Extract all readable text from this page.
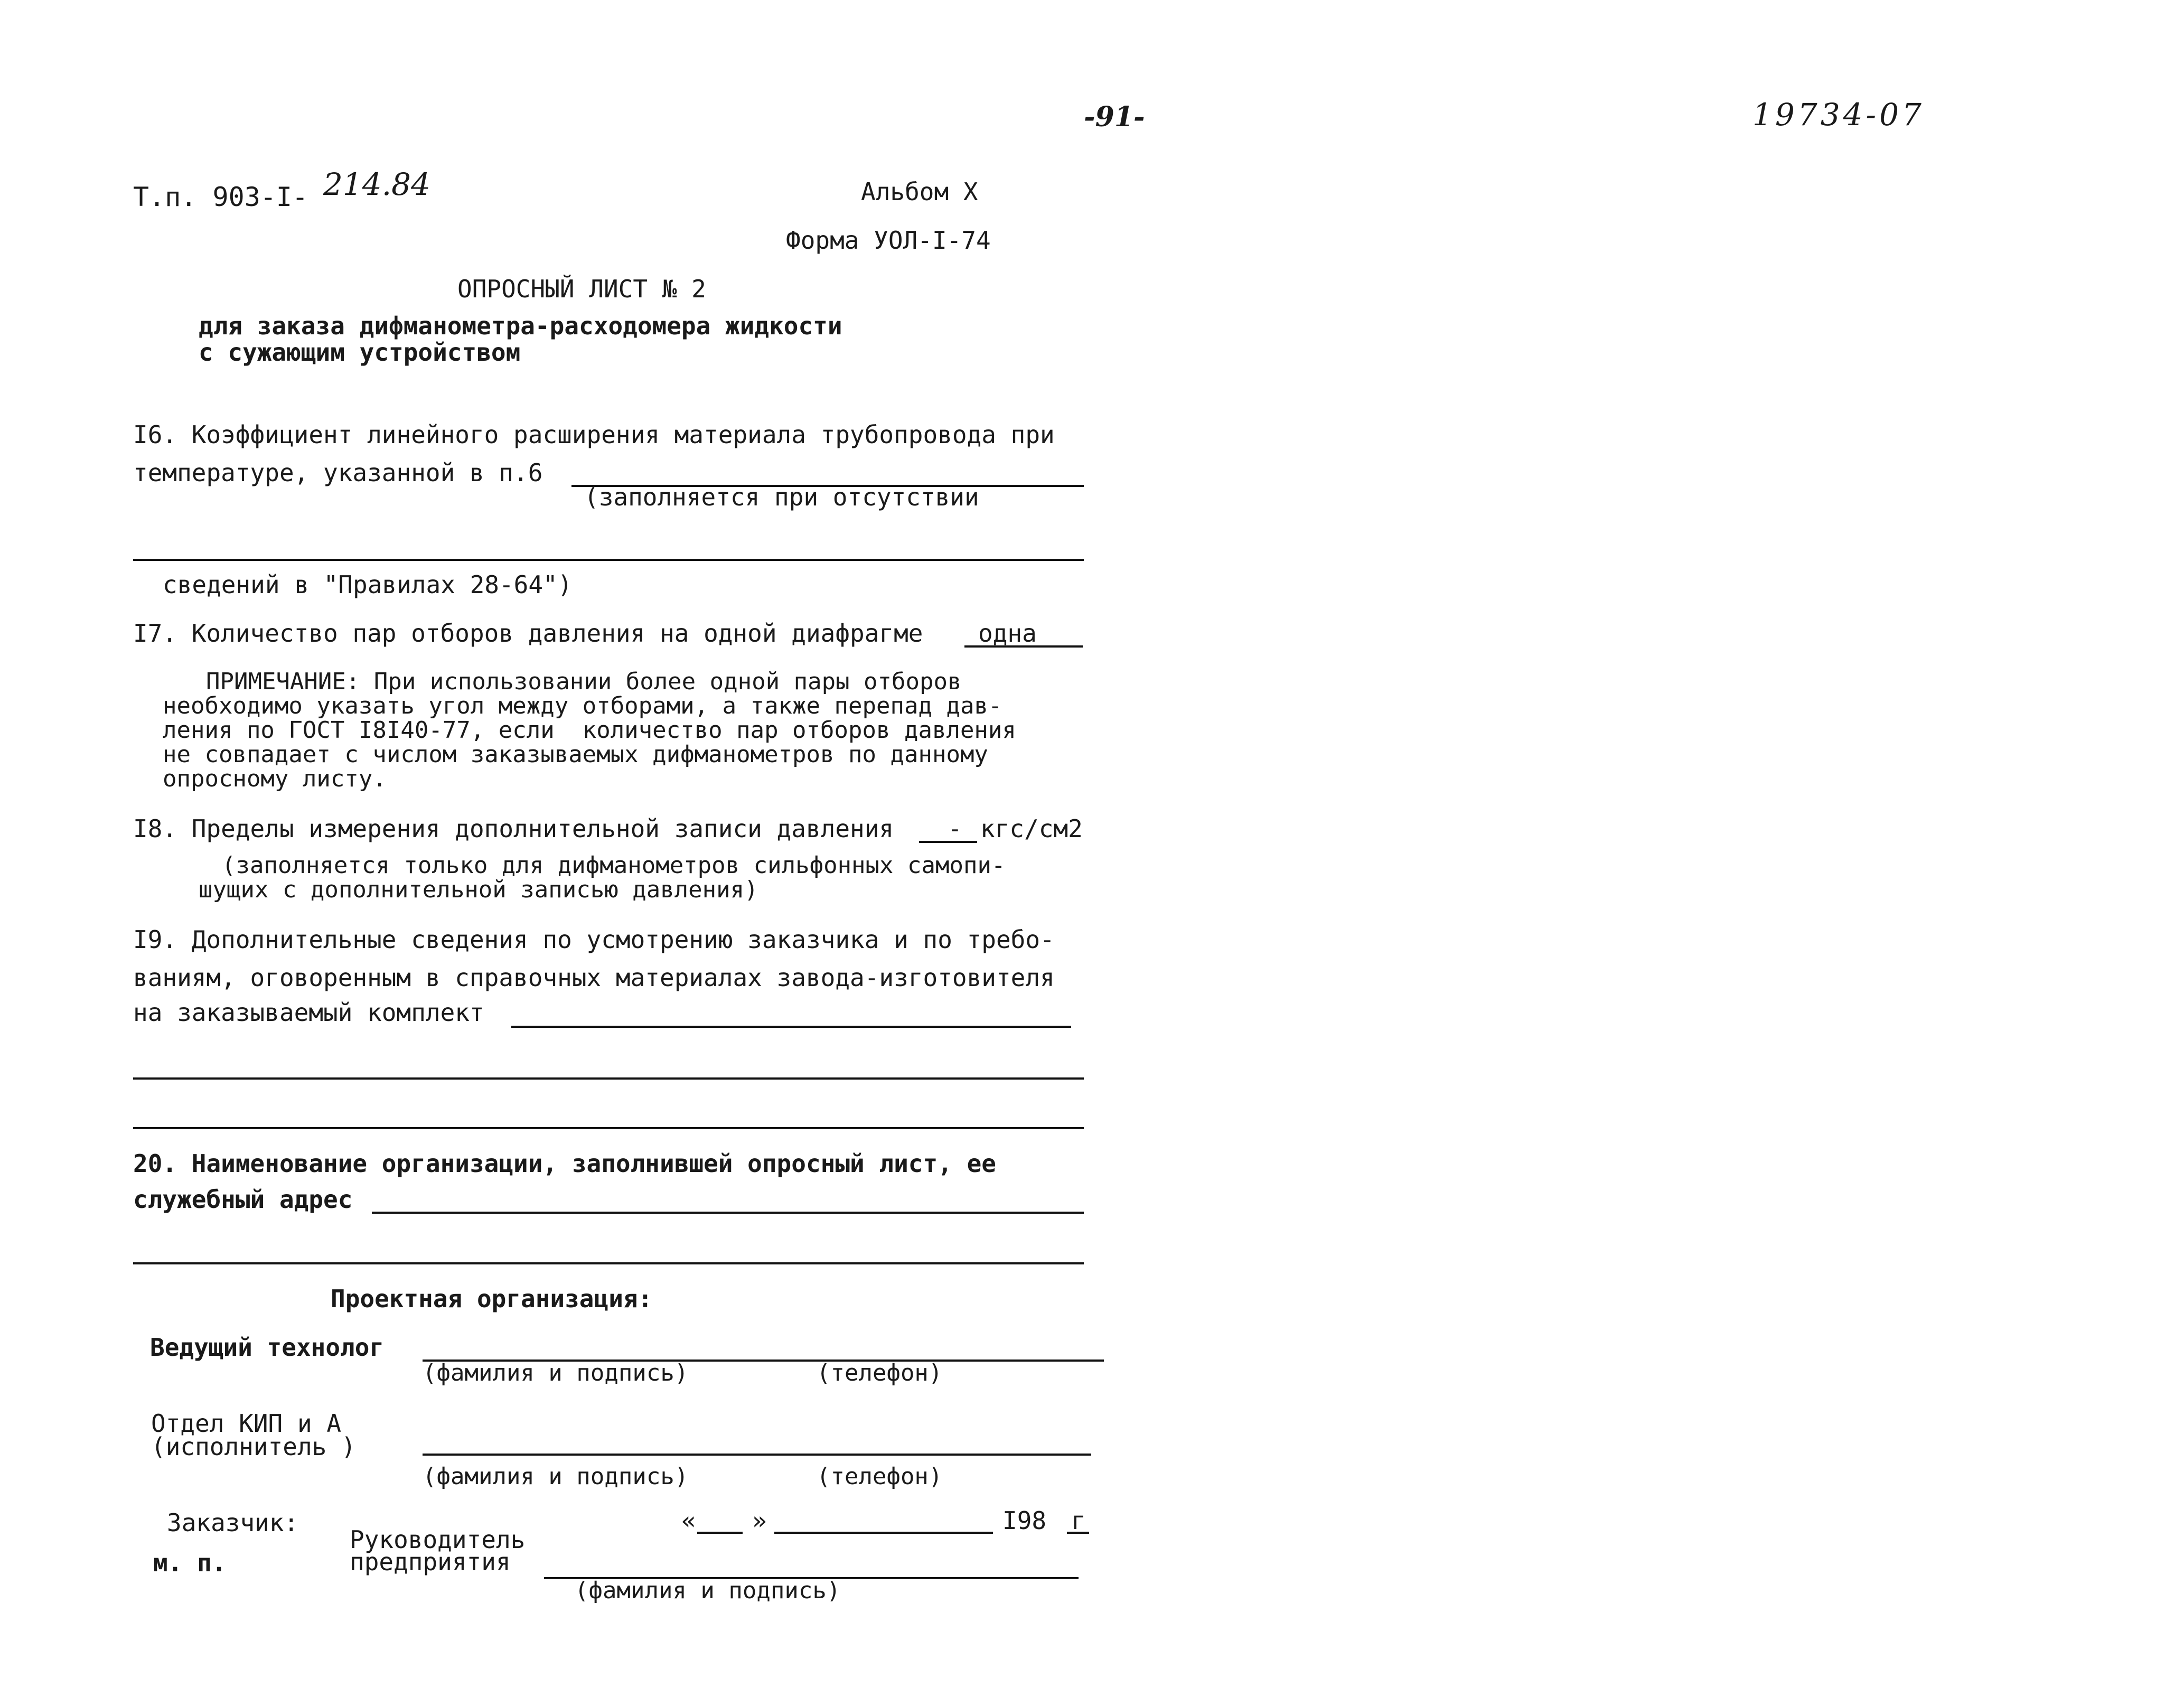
-91-	19734-07
Т.п. 903-I- 214.84	Альбом X
Форма УОЛ-I-74
ОПРОСНЫЙ ЛИСТ № 2
для заказа дифманометра-расходомера жидкости
с сужающим устройством
I6. Коэффициент линейного расширения материала трубопровода при
температуре, указанной в п.6
(заполняется при отсутствии
сведений в "Правилах 28-64")
I7. Количество пар отборов давления на одной диафрагме одна
ПРИМЕЧАНИЕ: При использовании более одной пары отборов
необходимо указать угол между отборами, а также перепад дав-
ления по ГОСТ I8I40-77, если  количество пар отборов давления
не совпадает с числом заказываемых дифманометров по данному
опросному листу.
I8. Пределы измерения дополнительной записи давления - кгс/см2
(заполняется только для дифманометров сильфонных самопи-
шущих с дополнительной записью давления)
I9. Дополнительные сведения по усмотрению заказчика и по требо-
ваниям, оговоренным в справочных материалах завода-изготовителя
на заказываемый комплект
20. Наименование организации, заполнившей опросный лист, ее
служебный адрес
Проектная организация:
Ведущий технолог
(фамилия и подпись)	(телефон)
Отдел КИП и А
(исполнитель )
(фамилия и подпись)	(телефон)
Заказчик:
м. п.
Руководитель
предприятия
« »	I98 г
(фамилия и подпись)
